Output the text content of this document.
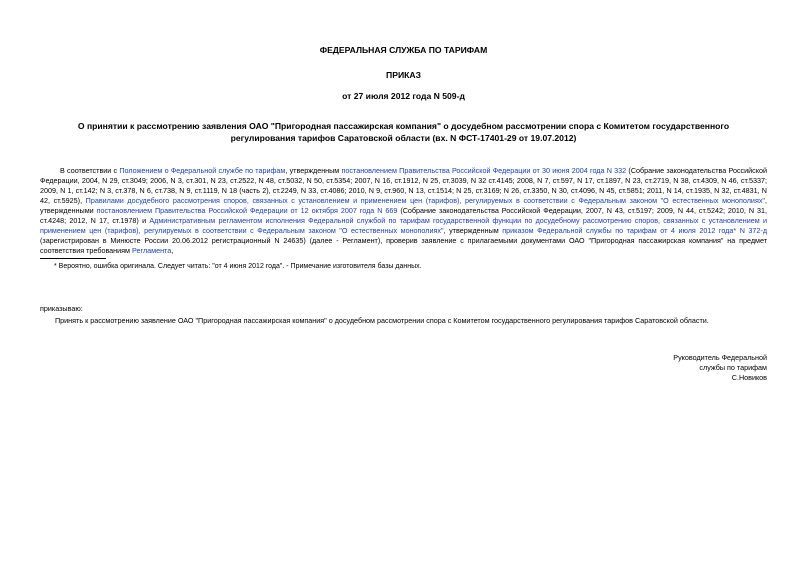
ФЕДЕРАЛЬНАЯ СЛУЖБА ПО ТАРИФАМ
ПРИКАЗ
от 27 июля 2012 года N 509-д
О принятии к рассмотрению заявления ОАО "Пригородная пассажирская компания" о досудебном рассмотрении спора с Комитетом государственного регулирования тарифов Саратовской области (вх. N ФСТ-17401-29 от 19.07.2012)

В соответствии с Положением о Федеральной службе по тарифам, утвержденным постановлением Правительства Российской Федерации от 30 июня 2004 года N 332 (Собрание законодательства Российской Федерации, 2004, N 29, ст.3049; 2006, N 3, ст.301, N 23, ст.2522, N 48, ст.5032, N 50, ст.5354; 2007, N 16, ст.1912, N 25, ст.3039, N 32 ст.4145; 2008, N 7, ст.597, N 17, ст.1897, N 23, ст.2719, N 38, ст.4309, N 46, ст.5337; 2009, N 1, ст.142; N 3, ст.378, N 6, ст.738, N 9, ст.1119, N 18 (часть 2), ст.2249, N 33, ст.4086; 2010, N 9, ст.960, N 13, ст.1514; N 25, ст.3169; N 26, ст.3350, N 30, ст.4096, N 45, ст.5851; 2011, N 14, ст.1935, N 32, ст.4831, N 42, ст.5925), Правилами досудебного рассмотрения споров, связанных с установлением и применением цен (тарифов), регулируемых в соответствии с Федеральным законом "О естественных монополиях", утвержденными постановлением Правительства Российской Федерации от 12 октября 2007 года N 669 (Собрание законодательства Российской Федерации, 2007, N 43, ст.5197; 2009, N 44, ст.5242; 2010, N 31, ст.4248; 2012, N 17, ст.1978) и Административным регламентом исполнения Федеральной службой по тарифам государственной функции по досудебному рассмотрению споров, связанных с установлением и применением цен (тарифов), регулируемых в соответствии с Федеральным законом "О естественных монополиях", утвержденным приказом Федеральной службы по тарифам от 4 июля 2012 года* N 372-д (зарегистрирован в Минюсте России 20.06.2012 регистрационный N 24635) (далее - Регламент), проверив заявление с прилагаемыми документами ОАО "Пригородная пассажирская компания" на предмет соответствия требованиям Регламента,

* Вероятно, ошибка оригинала. Следует читать: "от 4 июня 2012 года". - Примечание изготовителя базы данных.
приказываю:
Принять к рассмотрению заявление ОАО "Пригородная пассажирская компания" о досудебном рассмотрении спора с Комитетом государственного регулирования тарифов Саратовской области.
Руководитель Федеральной
службы по тарифам
С.Новиков
